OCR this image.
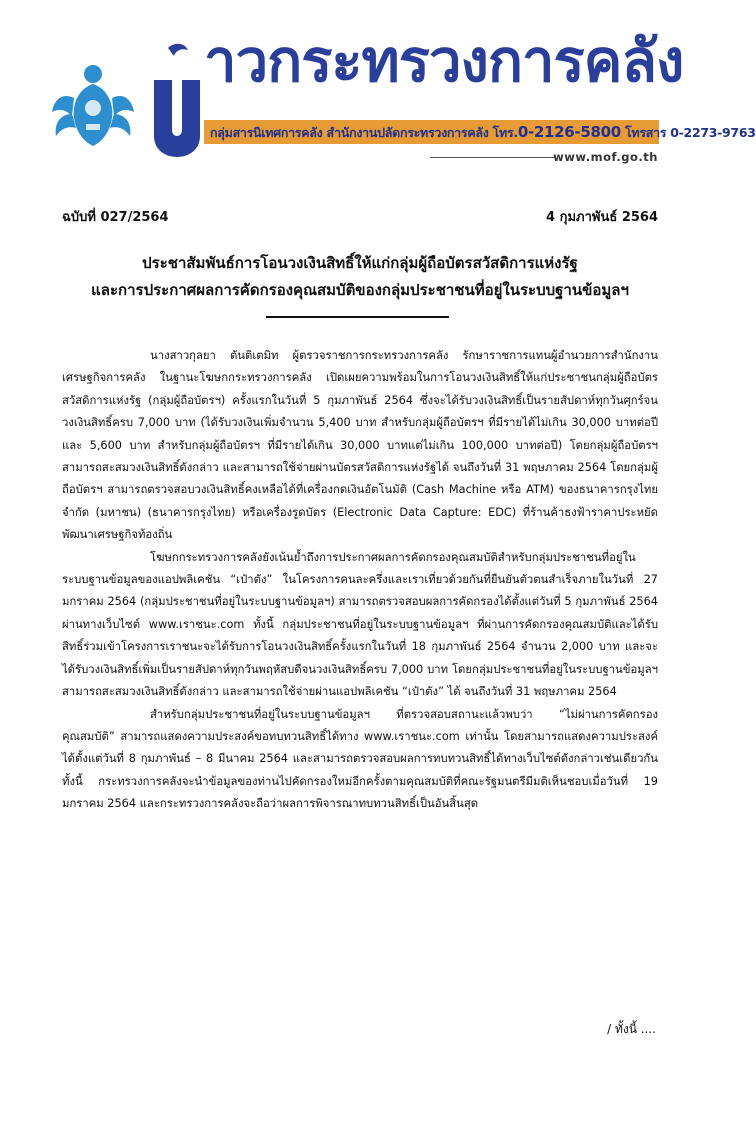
าวกระทรวงการคลัง
กลุ่มสารนิเทศการคลัง สำนักงานปลัดกระทรวงการคลัง โทร.0-2126-5800 โทรสาร 0-2273-9763
www.mof.go.th
ฉบับที่ 027/2564	4 กุมภาพันธ์ 2564
ประชาสัมพันธ์การโอนวงเงินสิทธิ์ให้แก่กลุ่มผู้ถือบัตรสวัสดิการแห่งรัฐ
และการประกาศผลการคัดกรองคุณสมบัติของกลุ่มประชาชนที่อยู่ในระบบฐานข้อมูลฯ

นางสาวกุลยา ตันติเตมิท ผู้ตรวจราชการกระทรวงการคลัง รักษาราชการแทนผู้อำนวยการสำนักงานเศรษฐกิจการคลัง ในฐานะโฆษกกระทรวงการคลัง เปิดเผยความพร้อมในการโอนวงเงินสิทธิ์ให้แก่ประชาชนกลุ่มผู้ถือบัตรสวัสดิการแห่งรัฐ (กลุ่มผู้ถือบัตรฯ) ครั้งแรกในวันที่ 5 กุมภาพันธ์ 2564 ซึ่งจะได้รับวงเงินสิทธิ์เป็นรายสัปดาห์ทุกวันศุกร์จนวงเงินสิทธิ์ครบ 7,000 บาท (ได้รับวงเงินเพิ่มจำนวน 5,400 บาท สำหรับกลุ่มผู้ถือบัตรฯ ที่มีรายได้ไม่เกิน 30,000 บาทต่อปี และ 5,600 บาท สำหรับกลุ่มผู้ถือบัตรฯ ที่มีรายได้เกิน 30,000 บาทแต่ไม่เกิน 100,000 บาทต่อปี) โดยกลุ่มผู้ถือบัตรฯ สามารถสะสมวงเงินสิทธิ์ดังกล่าว และสามารถใช้จ่ายผ่านบัตรสวัสดิการแห่งรัฐได้ จนถึงวันที่ 31 พฤษภาคม 2564 โดยกลุ่มผู้ถือบัตรฯ สามารถตรวจสอบวงเงินสิทธิ์คงเหลือได้ที่เครื่องกดเงินอัตโนมัติ (Cash Machine หรือ ATM) ของธนาคารกรุงไทย จำกัด (มหาชน) (ธนาคารกรุงไทย) หรือเครื่องรูดบัตร (Electronic Data Capture: EDC) ที่ร้านค้าธงฟ้าราคาประหยัดพัฒนาเศรษฐกิจท้องถิ่น

โฆษกกระทรวงการคลังยังเน้นย้ำถึงการประกาศผลการคัดกรองคุณสมบัติสำหรับกลุ่มประชาชนที่อยู่ในระบบฐานข้อมูลของแอปพลิเคชัน “เป๋าตัง” ในโครงการคนละครึ่งและเราเที่ยวด้วยกันที่ยืนยันตัวตนสำเร็จภายในวันที่ 27 มกราคม 2564 (กลุ่มประชาชนที่อยู่ในระบบฐานข้อมูลฯ) สามารถตรวจสอบผลการคัดกรองได้ตั้งแต่วันที่ 5 กุมภาพันธ์ 2564 ผ่านทางเว็บไซต์ www.เราชนะ.com ทั้งนี้ กลุ่มประชาชนที่อยู่ในระบบฐานข้อมูลฯ ที่ผ่านการคัดกรองคุณสมบัติและได้รับสิทธิ์ร่วมเข้าโครงการเราชนะจะได้รับการโอนวงเงินสิทธิ์ครั้งแรกในวันที่ 18 กุมภาพันธ์ 2564 จำนวน 2,000 บาท และจะได้รับวงเงินสิทธิ์เพิ่มเป็นรายสัปดาห์ทุกวันพฤหัสบดีจนวงเงินสิทธิ์ครบ 7,000 บาท โดยกลุ่มประชาชนที่อยู่ในระบบฐานข้อมูลฯ สามารถสะสมวงเงินสิทธิ์ดังกล่าว และสามารถใช้จ่ายผ่านแอปพลิเคชัน “เป๋าตัง” ได้ จนถึงวันที่ 31 พฤษภาคม 2564

สำหรับกลุ่มประชาชนที่อยู่ในระบบฐานข้อมูลฯ ที่ตรวจสอบสถานะแล้วพบว่า “ไม่ผ่านการคัดกรองคุณสมบัติ” สามารถแสดงความประสงค์ขอทบทวนสิทธิ์ได้ทาง www.เราชนะ.com เท่านั้น โดยสามารถแสดงความประสงค์ได้ตั้งแต่วันที่ 8 กุมภาพันธ์ – 8 มีนาคม 2564 และสามารถตรวจสอบผลการทบทวนสิทธิ์ได้ทางเว็บไซต์ดังกล่าวเช่นเดียวกัน ทั้งนี้ กระทรวงการคลังจะนำข้อมูลของท่านไปคัดกรองใหม่อีกครั้งตามคุณสมบัติที่คณะรัฐมนตรีมีมติเห็นชอบเมื่อวันที่ 19 มกราคม 2564 และกระทรวงการคลังจะถือว่าผลการพิจารณาทบทวนสิทธิ์เป็นอันสิ้นสุด

/ ทั้งนี้ ....
